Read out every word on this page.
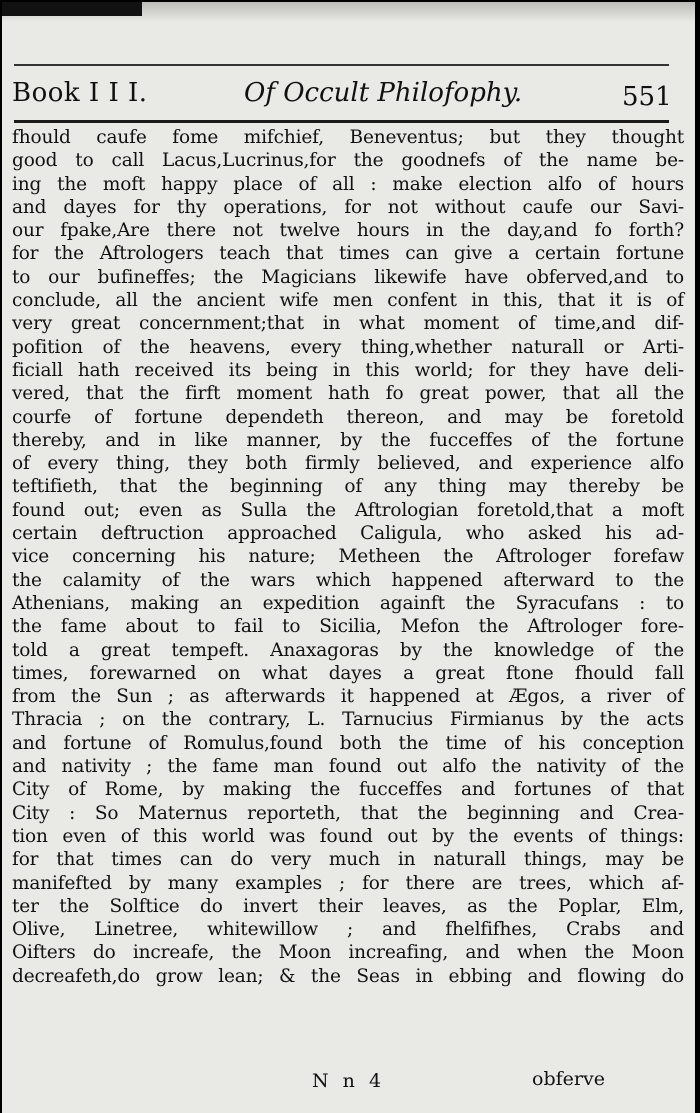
Book I I I.	Of Occult Philofophy.	551
fhould caufe fome mifchief, Beneventus; but they thought
good to call Lacus,Lucrinus,for the goodnefs of the name be-
ing the moft happy place of all : make election alfo of hours
and dayes for thy operations, for not without caufe our Savi-
our fpake,Are there not twelve hours in the day,and fo forth?
for the Aftrologers teach that times can give a certain fortune
to our bufineffes; the Magicians likewife have obferved,and to
conclude, all the ancient wife men confent in this, that it is of
very great concernment;that in what moment of time,and dif-
pofition of the heavens, every thing,whether naturall or Arti-
ficiall hath received its being in this world; for they have deli-
vered, that the firft moment hath fo great power, that all the
courfe of fortune dependeth thereon, and may be foretold
thereby, and in like manner, by the fucceffes of the fortune
of every thing, they both firmly believed, and experience alfo
teftifieth, that the beginning of any thing may thereby be
found out; even as Sulla the Aftrologian foretold,that a moft
certain deftruction approached Caligula, who asked his ad-
vice concerning his nature; Metheen the Aftrologer forefaw
the calamity of the wars which happened afterward to the
Athenians, making an expedition againft the Syracufans : to
the fame about to fail to Sicilia, Mefon the Aftrologer fore-
told a great tempeft. Anaxagoras by the knowledge of the
times, forewarned on what dayes a great ftone fhould fall
from the Sun ; as afterwards it happened at Ægos, a river of
Thracia ; on the contrary, L. Tarnucius Firmianus by the acts
and fortune of Romulus,found both the time of his conception
and nativity ; the fame man found out alfo the nativity of the
City of Rome, by making the fucceffes and fortunes of that
City : So Maternus reporteth, that the beginning and Crea-
tion even of this world was found out by the events of things:
for that times can do very much in naturall things, may be
manifefted by many examples ; for there are trees, which af-
ter the Solftice do invert their leaves, as the Poplar, Elm,
Olive, Linetree, whitewillow ; and fhelfifhes, Crabs and
Oifters do increafe, the Moon increafing, and when the Moon
decreafeth,do grow lean; & the Seas in ebbing and flowing do
N n 4	obferve
